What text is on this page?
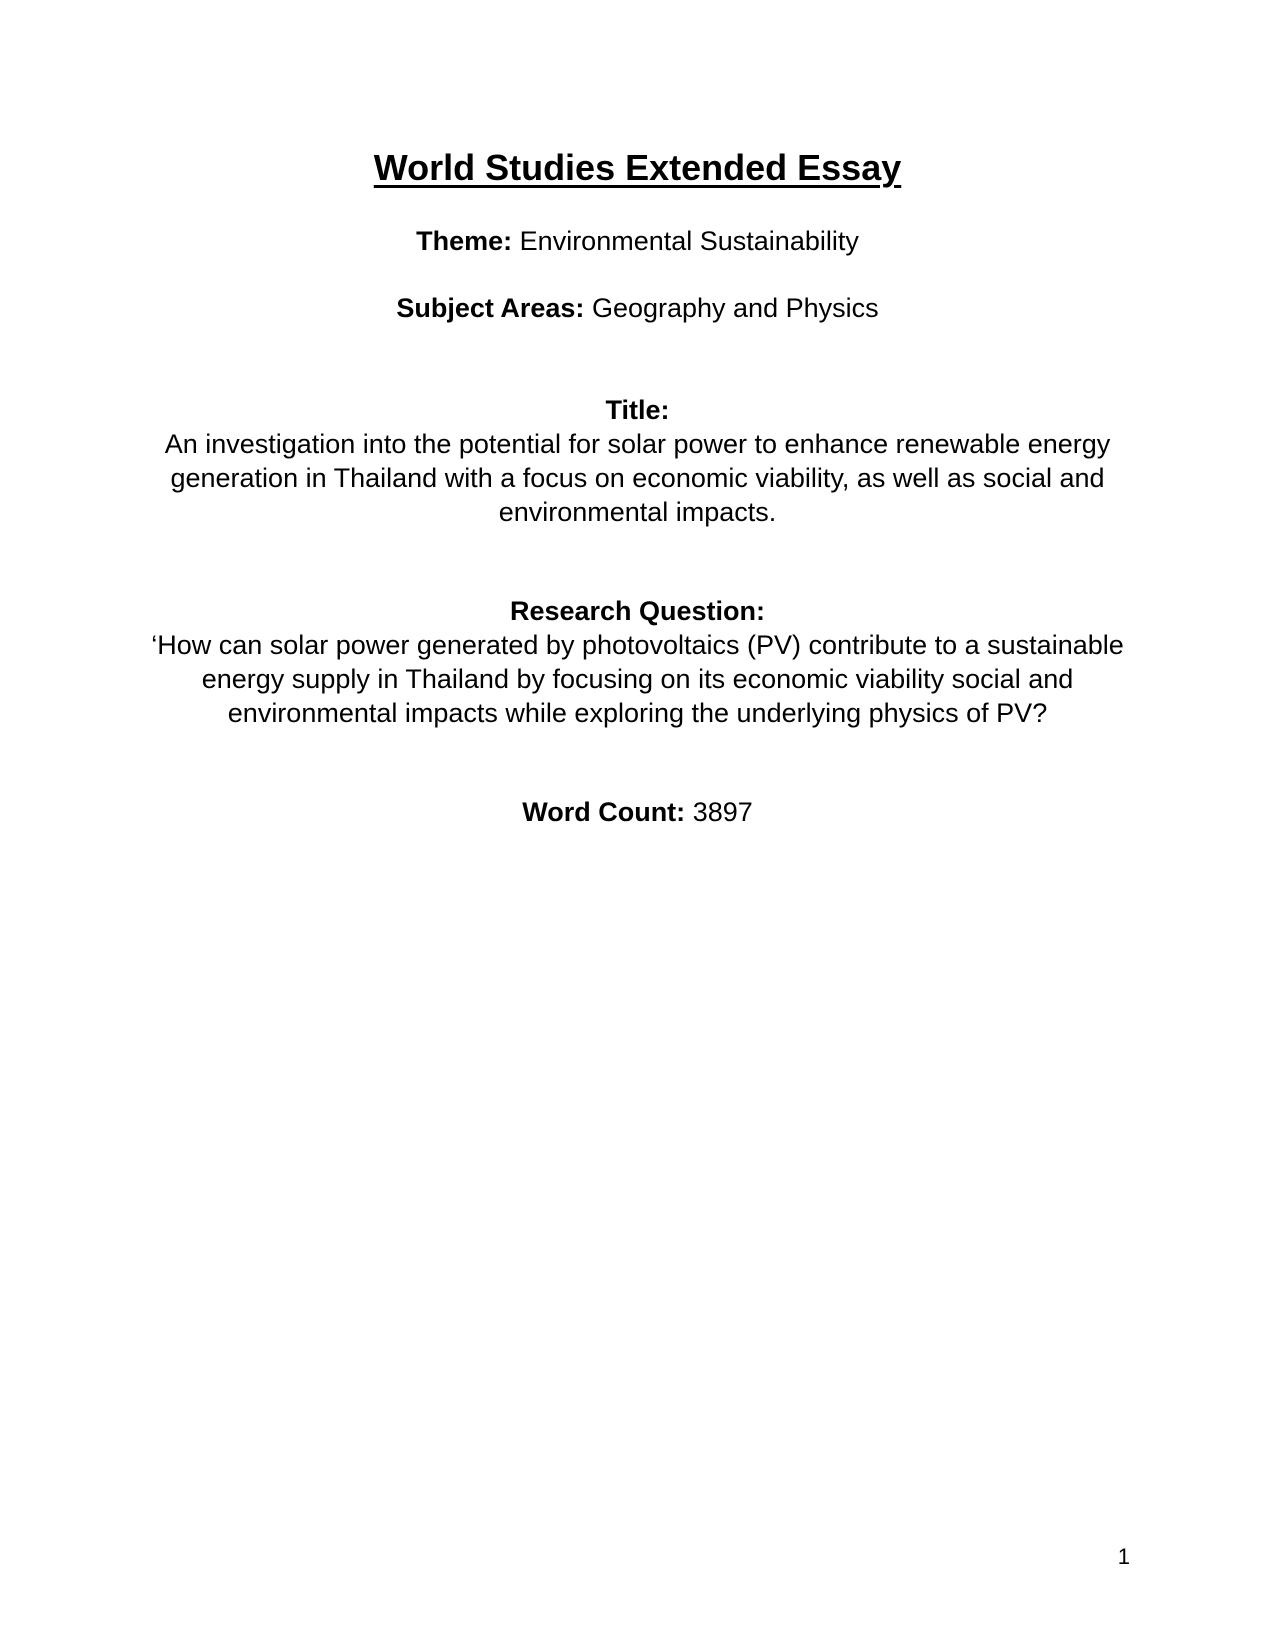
World Studies Extended Essay

Theme: Environmental Sustainability

Subject Areas: Geography and Physics

Title:

An investigation into the potential for solar power to enhance renewable energy generation in Thailand with a focus on economic viability, as well as social and environmental impacts.

Research Question:

‘How can solar power generated by photovoltaics (PV) contribute to a sustainable energy supply in Thailand by focusing on its economic viability social and environmental impacts while exploring the underlying physics of PV?

Word Count: 3897

1
